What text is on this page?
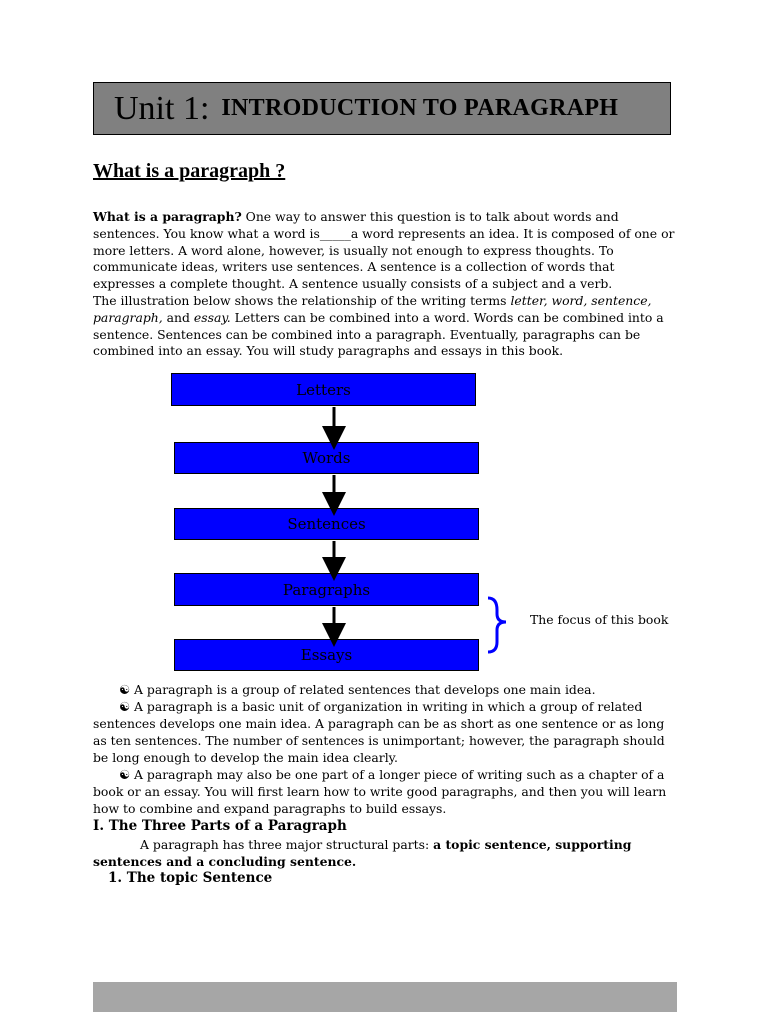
Unit 1: INTRODUCTION TO PARAGRAPH
What is a paragraph ?
What is a paragraph? One way to answer this question is to talk about words and sentences. You know what a word is_____a word represents an idea. It is composed of one or more letters. A word alone, however, is usually not enough to express thoughts. To communicate ideas, writers use sentences. A sentence is a collection of words that expresses a complete thought. A sentence usually consists of a subject and a verb.
The illustration below shows the relationship of the writing terms letter, word, sentence, paragraph, and essay. Letters can be combined into a word. Words can be combined into a sentence. Sentences can be combined into a paragraph. Eventually, paragraphs can be combined into an essay. You will study paragraphs and essays in this book.
Letters
Words
Sentences
Paragraphs
Essays
The focus of this book
☯ A paragraph is a group of related sentences that develops one main idea.
☯ A paragraph is a basic unit of organization in writing in which a group of related sentences develops one main idea. A paragraph can be as short as one sentence or as long as ten sentences. The number of sentences is unimportant; however, the paragraph should be long enough to develop the main idea clearly.
☯ A paragraph may also be one part of a longer piece of writing such as a chapter of a book or an essay. You will first learn how to write good paragraphs, and then you will learn how to combine and expand paragraphs to build essays.
I. The Three Parts of a Paragraph
A paragraph has three major structural parts: a topic sentence, supporting sentences and a concluding sentence.
1. The topic Sentence
